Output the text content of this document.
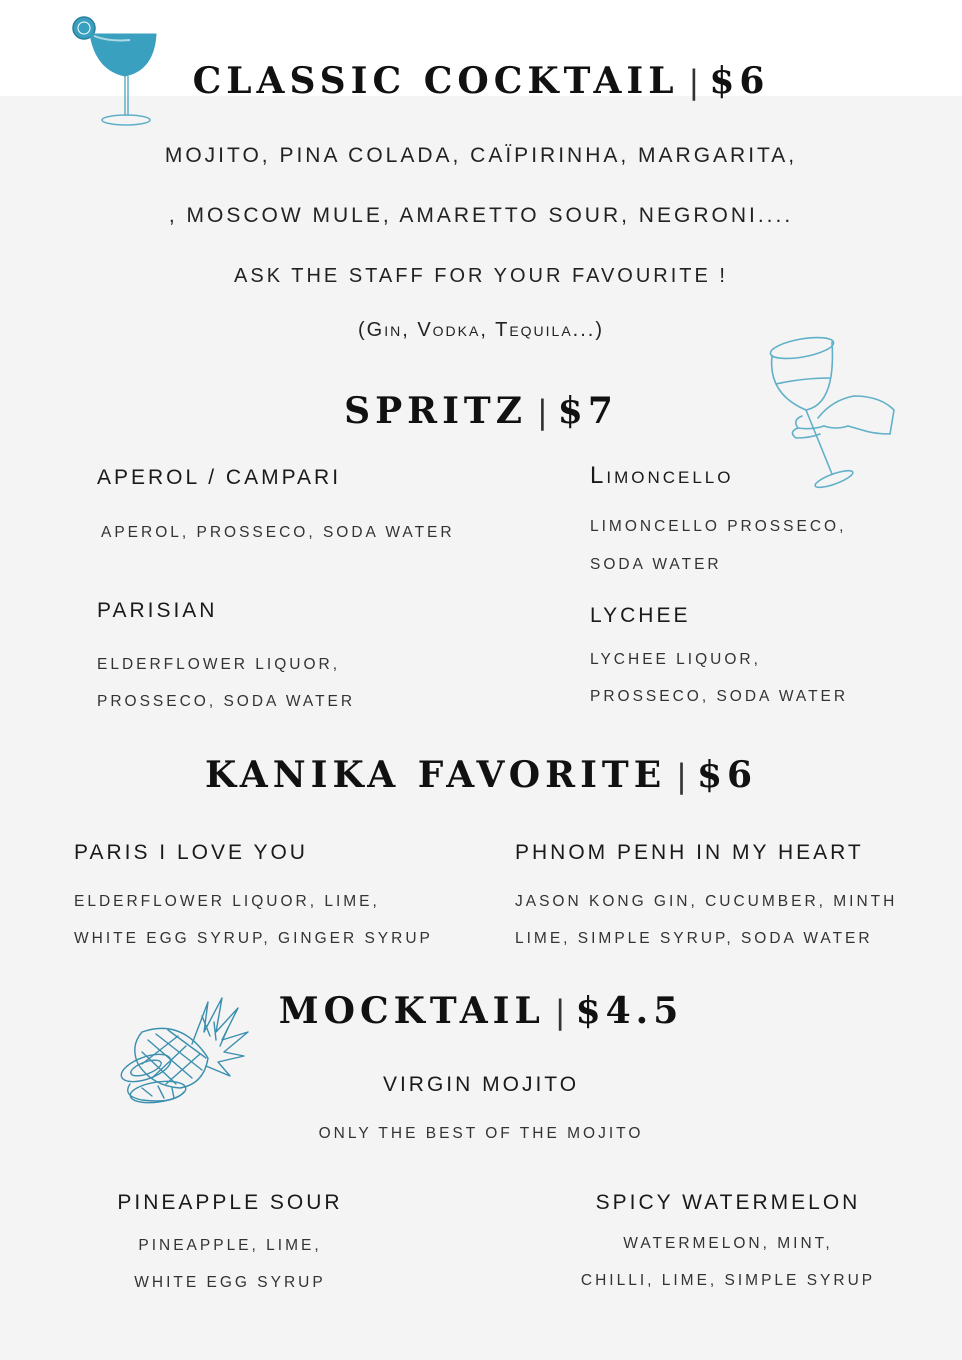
CLASSIC COCKTAIL | $6
MOJITO, PINA COLADA, CAÏPIRINHA, MARGARITA,
, MOSCOW MULE, AMARETTO SOUR, NEGRONI....
ASK THE STAFF FOR YOUR FAVOURITE !
(Gin, Vodka, Tequila...)
SPRITZ | $7
APEROL / CAMPARI
APEROL, PROSSECO, SODA WATER
Limoncello
LIMONCELLO PROSSECO,
SODA WATER
PARISIAN
ELDERFLOWER LIQUOR,
PROSSECO, SODA WATER
LYCHEE
LYCHEE LIQUOR,
PROSSECO, SODA WATER
KANIKA FAVORITE | $6
PARIS I LOVE YOU
ELDERFLOWER LIQUOR, LIME,
WHITE EGG SYRUP, GINGER SYRUP
PHNOM PENH IN MY HEART
JASON KONG GIN, CUCUMBER, MINTH
LIME, SIMPLE SYRUP, SODA WATER
MOCKTAIL | $4.5
VIRGIN MOJITO
ONLY THE BEST OF THE MOJITO
PINEAPPLE SOUR
PINEAPPLE, LIME,
WHITE EGG SYRUP
SPICY WATERMELON
WATERMELON, MINT,
CHILLI, LIME, SIMPLE SYRUP
